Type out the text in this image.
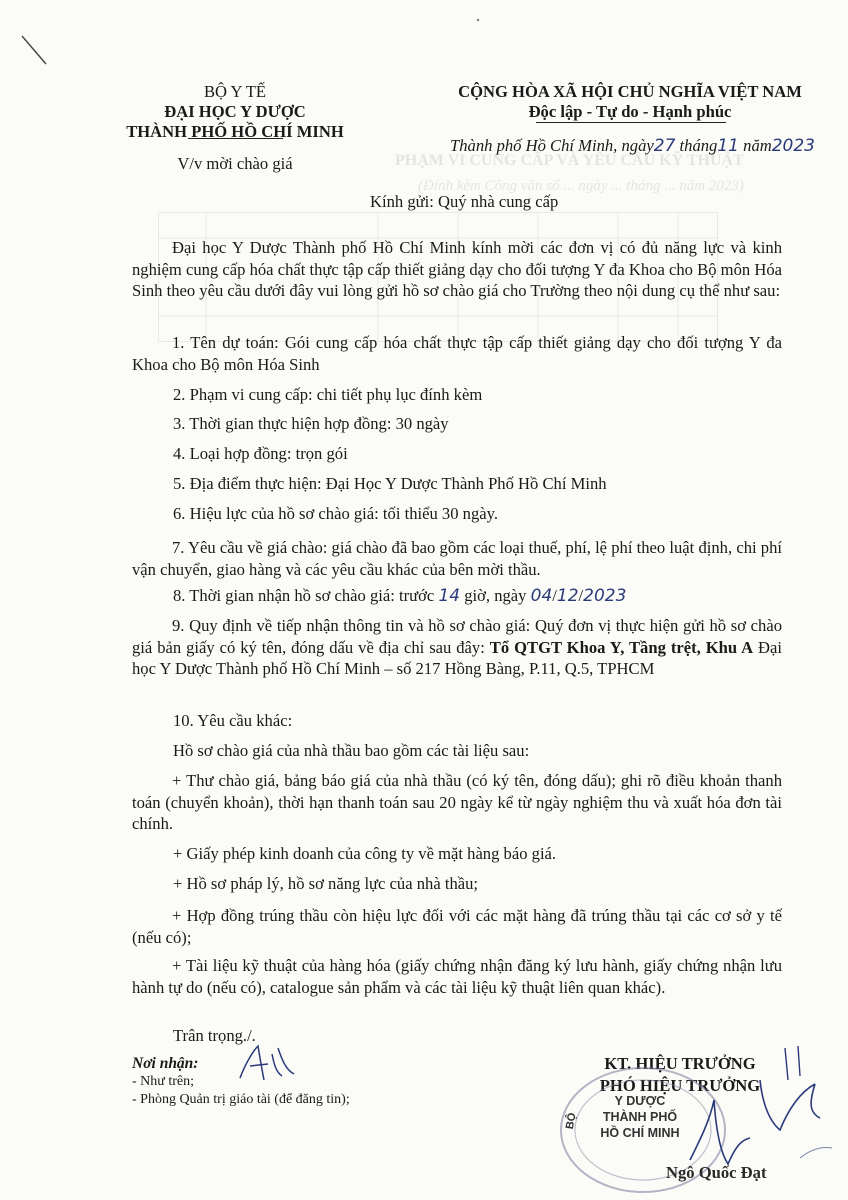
BỘ Y TẾ
ĐẠI HỌC Y DƯỢC
THÀNH PHỐ HỒ CHÍ MINH
V/v mời chào giá
CỘNG HÒA XÃ HỘI CHỦ NGHĨA VIỆT NAM
Độc lập - Tự do - Hạnh phúc
PHẠM VI CUNG CẤP VÀ YÊU CẦU KỸ THUẬT
(Đính kèm Công văn số ... ngày ... tháng ... năm 2023)
Thành phố Hồ Chí Minh, ngày27 tháng11 năm2023
Kính gửi: Quý nhà cung cấp
Đại học Y Dược Thành phố Hồ Chí Minh kính mời các đơn vị có đủ năng lực và kinh nghiệm cung cấp hóa chất thực tập cấp thiết giảng dạy cho đối tượng Y đa Khoa cho Bộ môn Hóa Sinh theo yêu cầu dưới đây vui lòng gửi hồ sơ chào giá cho Trường theo nội dung cụ thể như sau:
1. Tên dự toán: Gói cung cấp hóa chất thực tập cấp thiết giảng dạy cho đối tượng Y đa Khoa cho Bộ môn Hóa Sinh
2. Phạm vi cung cấp: chi tiết phụ lục đính kèm
3. Thời gian thực hiện hợp đồng: 30 ngày
4. Loại hợp đồng: trọn gói
5. Địa điểm thực hiện: Đại Học Y Dược Thành Phố Hồ Chí Minh
6. Hiệu lực của hồ sơ chào giá: tối thiểu 30 ngày.
7. Yêu cầu về giá chào: giá chào đã bao gồm các loại thuế, phí, lệ phí theo luật định, chi phí vận chuyển, giao hàng và các yêu cầu khác của bên mời thầu.
8. Thời gian nhận hồ sơ chào giá: trước 14 giờ, ngày 04/12/2023
9. Quy định về tiếp nhận thông tin và hồ sơ chào giá: Quý đơn vị thực hiện gửi hồ sơ chào giá bản giấy có ký tên, đóng dấu về địa chỉ sau đây: Tổ QTGT Khoa Y, Tầng trệt, Khu A Đại học Y Dược Thành phố Hồ Chí Minh – số 217 Hồng Bàng, P.11, Q.5, TPHCM
10. Yêu cầu khác:
Hồ sơ chào giá của nhà thầu bao gồm các tài liệu sau:
+ Thư chào giá, bảng báo giá của nhà thầu (có ký tên, đóng dấu); ghi rõ điều khoản thanh toán (chuyển khoản), thời hạn thanh toán sau 20 ngày kể từ ngày nghiệm thu và xuất hóa đơn tài chính.
+ Giấy phép kinh doanh của công ty về mặt hàng báo giá.
+ Hồ sơ pháp lý, hồ sơ năng lực của nhà thầu;
+ Hợp đồng trúng thầu còn hiệu lực đối với các mặt hàng đã trúng thầu tại các cơ sở y tế (nếu có);
+ Tài liệu kỹ thuật của hàng hóa (giấy chứng nhận đăng ký lưu hành, giấy chứng nhận lưu hành tự do (nếu có), catalogue sản phẩm và các tài liệu kỹ thuật liên quan khác).
Trân trọng./.
Nơi nhận:
- Như trên;
- Phòng Quản trị giáo tài (để đăng tin);
KT. HIỆU TRƯỞNG
PHÓ HIỆU TRƯỞNG
Y DƯỢC
THÀNH PHỐ
HỒ CHÍ MINH
BỘ
Ngô Quốc Đạt
